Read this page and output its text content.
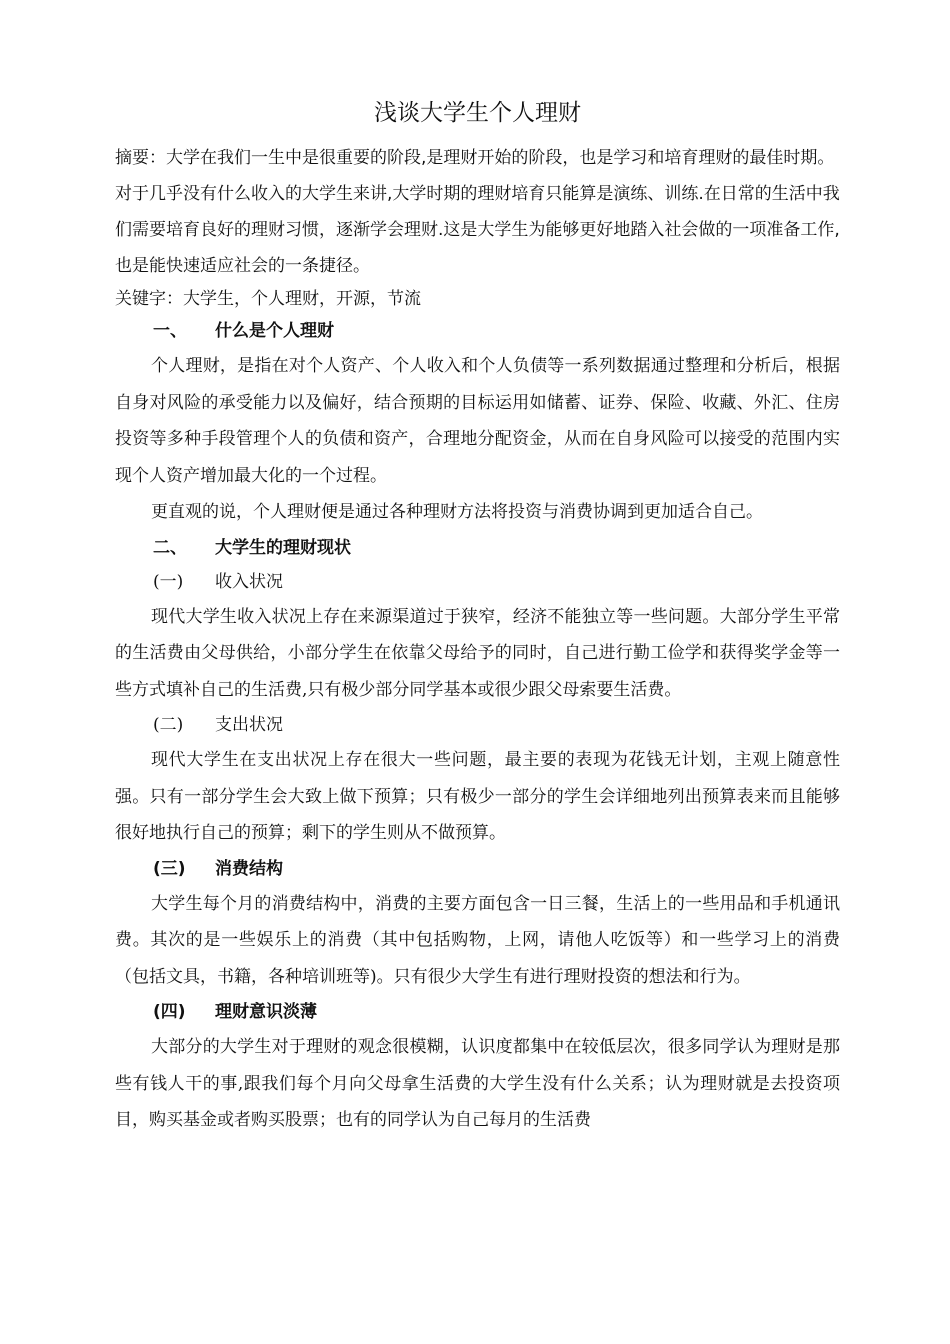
浅谈大学生个人理财

摘要：大学在我们一生中是很重要的阶段,是理财开始的阶段，也是学习和培育理财的最佳时期。对于几乎没有什么收入的大学生来讲,大学时期的理财培育只能算是演练、训练.在日常的生活中我们需要培育良好的理财习惯，逐渐学会理财.这是大学生为能够更好地踏入社会做的一项准备工作,也是能快速适应社会的一条捷径。

关键字：大学生，个人理财，开源，节流

一、 什么是个人理财

个人理财，是指在对个人资产、个人收入和个人负债等一系列数据通过整理和分析后，根据自身对风险的承受能力以及偏好，结合预期的目标运用如储蓄、证券、保险、收藏、外汇、住房投资等多种手段管理个人的负债和资产，合理地分配资金，从而在自身风险可以接受的范围内实现个人资产增加最大化的一个过程。

更直观的说，个人理财便是通过各种理财方法将投资与消费协调到更加适合自己。

二、 大学生的理财现状
(一) 收入状况

现代大学生收入状况上存在来源渠道过于狭窄，经济不能独立等一些问题。大部分学生平常的生活费由父母供给，小部分学生在依靠父母给予的同时，自己进行勤工俭学和获得奖学金等一些方式填补自己的生活费,只有极少部分同学基本或很少跟父母索要生活费。

(二) 支出状况

现代大学生在支出状况上存在很大一些问题，最主要的表现为花钱无计划，主观上随意性强。只有一部分学生会大致上做下预算；只有极少一部分的学生会详细地列出预算表来而且能够很好地执行自己的预算；剩下的学生则从不做预算。

(三) 消费结构

大学生每个月的消费结构中，消费的主要方面包含一日三餐，生活上的一些用品和手机通讯费。其次的是一些娱乐上的消费（其中包括购物，上网，请他人吃饭等）和一些学习上的消费（包括文具，书籍，各种培训班等)。只有很少大学生有进行理财投资的想法和行为。

(四) 理财意识淡薄

大部分的大学生对于理财的观念很模糊，认识度都集中在较低层次，很多同学认为理财是那些有钱人干的事,跟我们每个月向父母拿生活费的大学生没有什么关系；认为理财就是去投资项目，购买基金或者购买股票；也有的同学认为自己每月的生活费
